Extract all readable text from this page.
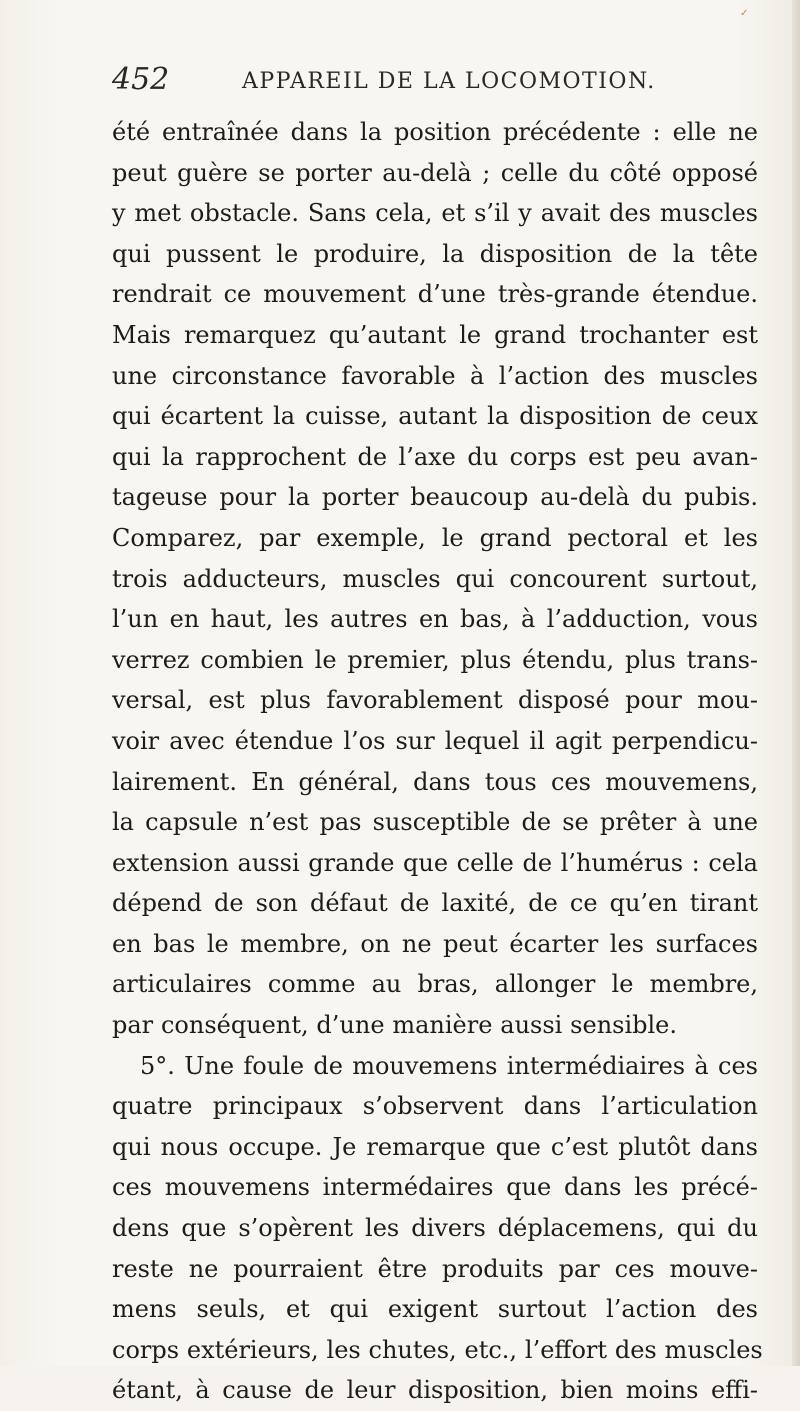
452	APPAREIL DE LA LOCOMOTION.
été entraînée dans la position précédente : elle ne
peut guère se porter au-delà ; celle du côté opposé
y met obstacle. Sans cela, et s’il y avait des muscles
qui pussent le produire, la disposition de la tête
rendrait ce mouvement d’une très-grande étendue.
Mais remarquez qu’autant le grand trochanter est
une circonstance favorable à l’action des muscles
qui écartent la cuisse, autant la disposition de ceux
qui la rapprochent de l’axe du corps est peu avan-
tageuse pour la porter beaucoup au-delà du pubis.
Comparez, par exemple, le grand pectoral et les
trois adducteurs, muscles qui concourent surtout,
l’un en haut, les autres en bas, à l’adduction, vous
verrez combien le premier, plus étendu, plus trans-
versal, est plus favorablement disposé pour mou-
voir avec étendue l’os sur lequel il agit perpendicu-
lairement. En général, dans tous ces mouvemens,
la capsule n’est pas susceptible de se prêter à une
extension aussi grande que celle de l’humérus : cela
dépend de son défaut de laxité, de ce qu’en tirant
en bas le membre, on ne peut écarter les surfaces
articulaires comme au bras, allonger le membre,
par conséquent, d’une manière aussi sensible.
5°. Une foule de mouvemens intermédiaires à ces
quatre principaux s’observent dans l’articulation
qui nous occupe. Je remarque que c’est plutôt dans
ces mouvemens intermédaires que dans les précé-
dens que s’opèrent les divers déplacemens, qui du
reste ne pourraient être produits par ces mouve-
mens seuls, et qui exigent surtout l’action des
corps extérieurs, les chutes, etc., l’effort des muscles
étant, à cause de leur disposition, bien moins effi-
✓
